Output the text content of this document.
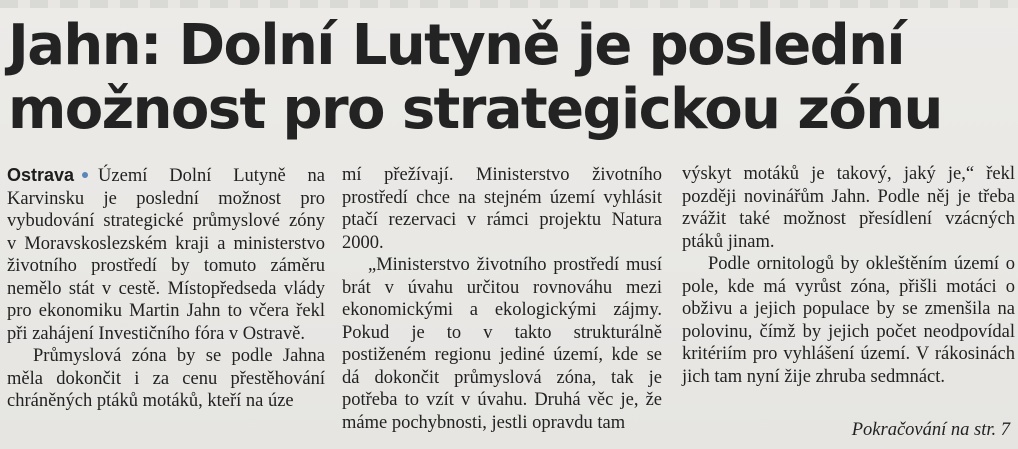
Jahn: Dolní Lutyně je poslední
možnost pro strategickou zónu

Ostrava Území Dolní Lutyně na Karvinsku je poslední možnost pro vybudování strategické průmyslové zóny v Moravskoslezském kraji a ministerstvo životního prostředí by tomuto záměru nemělo stát v cestě. Místopředseda vlády pro ekonomiku Martin Jahn to včera řekl při zahájení Investičního fóra v Ostravě.

Průmyslová zóna by se podle Jahna měla dokončit i za cenu přestěhování chráněných ptáků motáků, kteří na úze

mí přežívají. Ministerstvo životního prostředí chce na stejném území vyhlásit ptačí rezervaci v rámci projektu Natura 2000.

„Ministerstvo životního prostředí musí brát v úvahu určitou rovnováhu mezi ekonomickými a ekologickými zájmy. Pokud je to v takto strukturálně postiženém regionu jediné území, kde se dá dokončit průmyslová zóna, tak je potřeba to vzít v úvahu. Druhá věc je, že máme pochybnosti, jestli opravdu tam

výskyt motáků je takový, jaký je,“ řekl později novinářům Jahn. Podle něj je třeba zvážit také možnost přesídlení vzácných ptáků jinam.

Podle ornitologů by okleštěním území o pole, kde má vyrůst zóna, přišli motáci o obživu a jejich populace by se zmenšila na polovinu, čímž by jejich počet neodpovídal kritériím pro vyhlášení území. V rákosinách jich tam nyní žije zhruba sedmnáct.

Pokračování na str. 7
